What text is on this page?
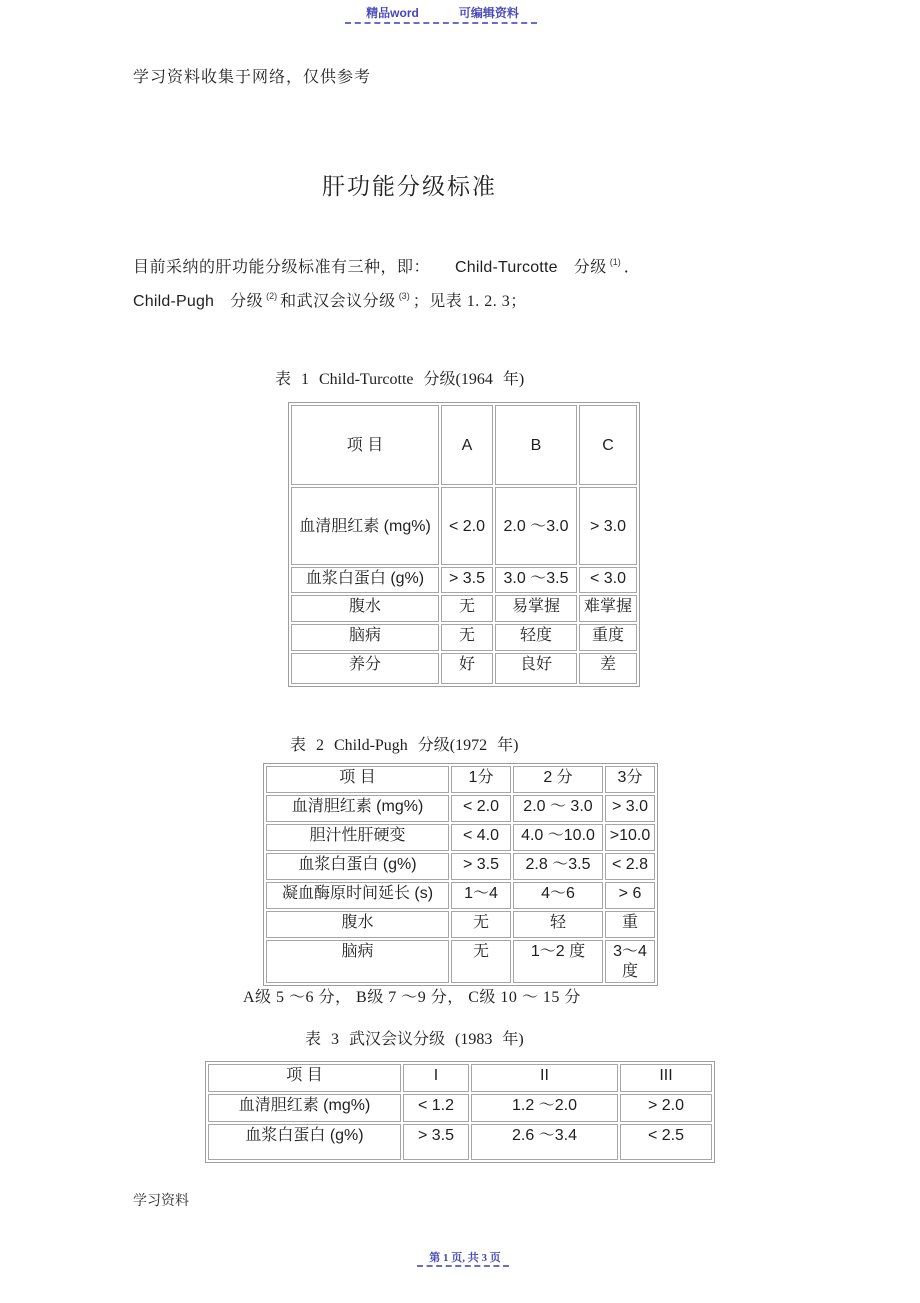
精品word	可编辑资料
学习资料收集于网络，仅供参考
肝功能分级标准
目前采纳的肝功能分级标准有三种，即：　　Child-Turcotte 分级 $^{(1)}$ ．
Child-Pugh 分级 $^{(2)}$ 和武汉会议分级 $^{(3)}$ ；见表 1. 2. 3；
表 1 Child-Turcotte 分级(1964 年)
项 目	A	B	C
血清胆红素 (mg%)	< 2.0	2.0 ～3.0	> 3.0
血浆白蛋白 (g%)	> 3.5	3.0 ～3.5	< 3.0
腹水	无	易掌握	难掌握
脑病	无	轻度	重度
养分	好	良好	差
表 2 Child-Pugh 分级(1972 年)
项 目	1分	2 分	3分
血清胆红素 (mg%)	< 2.0	2.0 ～ 3.0	> 3.0
胆汁性肝硬变	< 4.0	4.0 ～10.0	>10.0
血浆白蛋白 (g%)	> 3.5	2.8 ～3.5	< 2.8
凝血酶原时间延长 (s)	1～4	4～6	> 6
腹水	无	轻	重
脑病	无	1～2 度	3～4 度
A级 5 ～6 分， B级 7 ～9 分， C级 10 ～ 15 分
表 3 武汉会议分级 (1983 年)
项 目	I	II	III
血清胆红素 (mg%)	< 1.2	1.2 ～2.0	> 2.0
血浆白蛋白 (g%)	> 3.5	2.6 ～3.4	< 2.5
学习资料
第 1 页, 共 3 页
